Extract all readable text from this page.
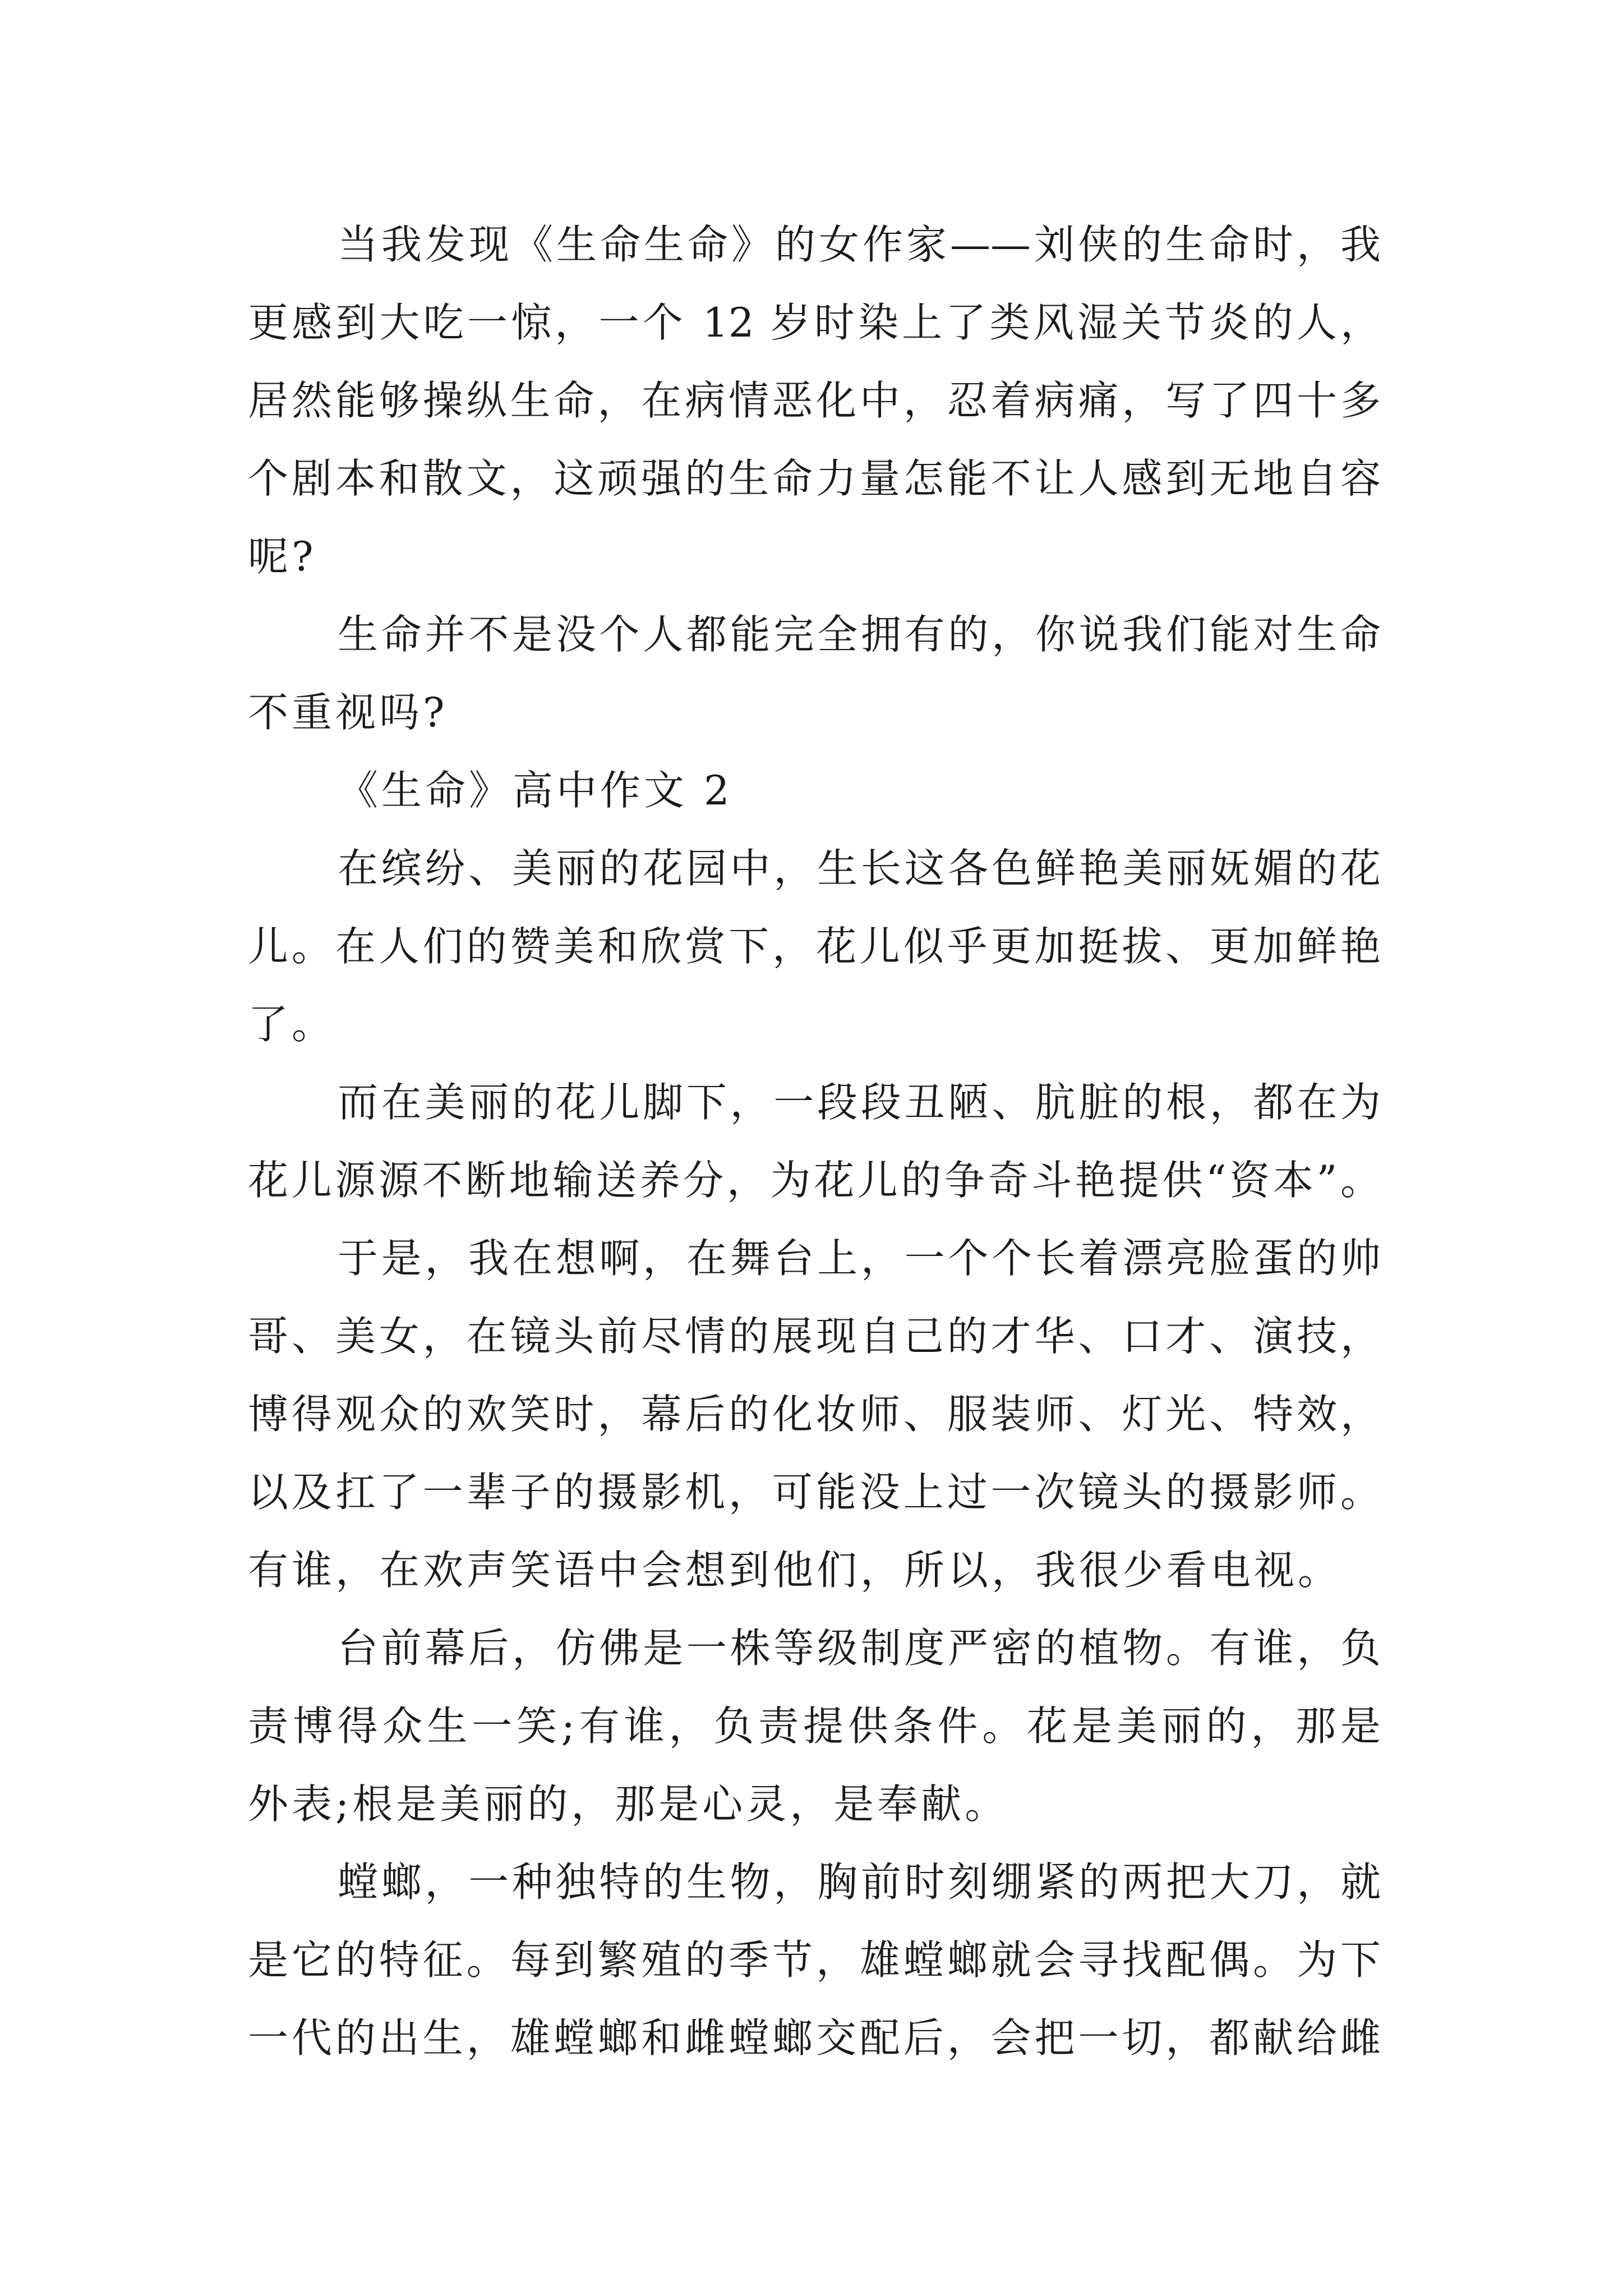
当我发现《生命生命》的女作家——刘侠的生命时，我
更感到大吃一惊，一个 12 岁时染上了类风湿关节炎的人，
居然能够操纵生命，在病情恶化中，忍着病痛，写了四十多
个剧本和散文，这顽强的生命力量怎能不让人感到无地自容
呢?
生命并不是没个人都能完全拥有的，你说我们能对生命
不重视吗?
《生命》高中作文 2
在缤纷、美丽的花园中，生长这各色鲜艳美丽妩媚的花
儿。在人们的赞美和欣赏下，花儿似乎更加挺拔、更加鲜艳
了。
而在美丽的花儿脚下，一段段丑陋、肮脏的根，都在为
花儿源源不断地输送养分，为花儿的争奇斗艳提供“资本”。
于是，我在想啊，在舞台上，一个个长着漂亮脸蛋的帅
哥、美女，在镜头前尽情的展现自己的才华、口才、演技，
博得观众的欢笑时，幕后的化妆师、服装师、灯光、特效，
以及扛了一辈子的摄影机，可能没上过一次镜头的摄影师。
有谁，在欢声笑语中会想到他们，所以，我很少看电视。
台前幕后，仿佛是一株等级制度严密的植物。有谁，负
责博得众生一笑;有谁，负责提供条件。花是美丽的，那是
外表;根是美丽的，那是心灵，是奉献。
螳螂，一种独特的生物，胸前时刻绷紧的两把大刀，就
是它的特征。每到繁殖的季节，雄螳螂就会寻找配偶。为下
一代的出生，雄螳螂和雌螳螂交配后，会把一切，都献给雌
